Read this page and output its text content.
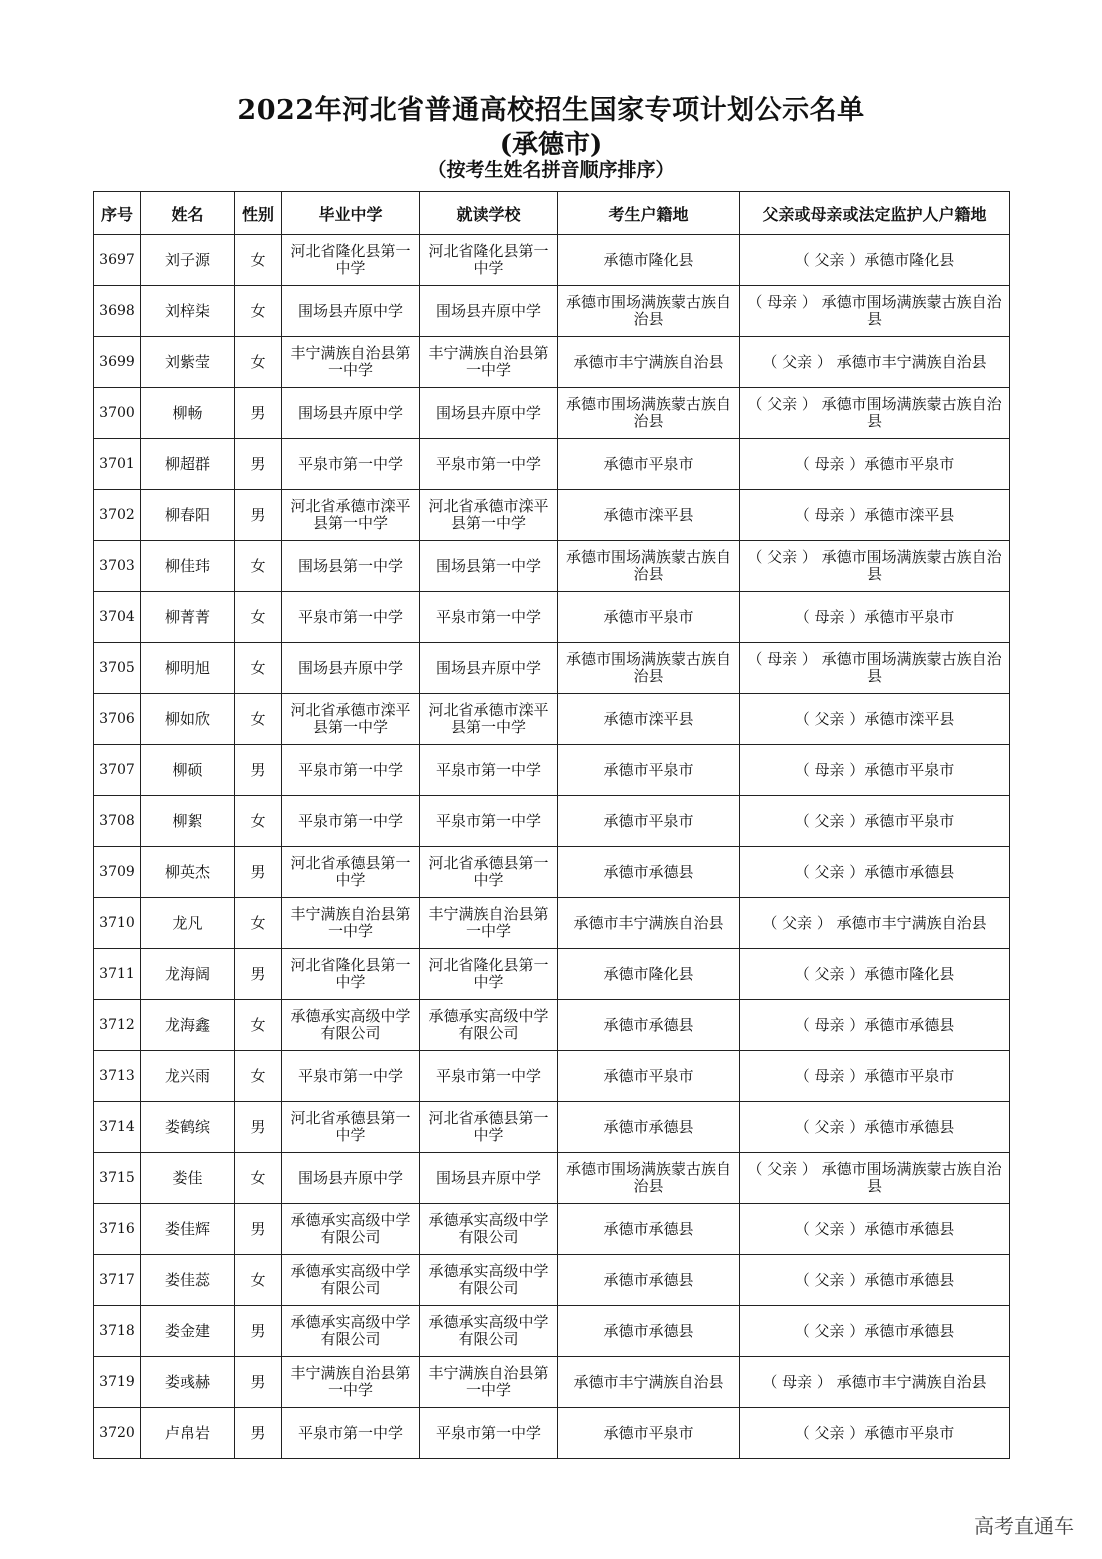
2022年河北省普通高校招生国家专项计划公示名单
(承德市)
（按考生姓名拼音顺序排序）
序号	姓名	性别	毕业中学	就读学校	考生户籍地	父亲或母亲或法定监护人户籍地
3697	刘子源	女	河北省隆化县第一中学	河北省隆化县第一中学	承德市隆化县	（ 父亲 ）承德市隆化县
3698	刘梓柒	女	围场县卉原中学	围场县卉原中学	承德市围场满族蒙古族自治县	（ 母亲 ） 承德市围场满族蒙古族自治县
3699	刘紫莹	女	丰宁满族自治县第一中学	丰宁满族自治县第一中学	承德市丰宁满族自治县	（ 父亲 ） 承德市丰宁满族自治县
3700	柳畅	男	围场县卉原中学	围场县卉原中学	承德市围场满族蒙古族自治县	（ 父亲 ） 承德市围场满族蒙古族自治县
3701	柳超群	男	平泉市第一中学	平泉市第一中学	承德市平泉市	（ 母亲 ）承德市平泉市
3702	柳春阳	男	河北省承德市滦平县第一中学	河北省承德市滦平县第一中学	承德市滦平县	（ 母亲 ）承德市滦平县
3703	柳佳玮	女	围场县第一中学	围场县第一中学	承德市围场满族蒙古族自治县	（ 父亲 ） 承德市围场满族蒙古族自治县
3704	柳菁菁	女	平泉市第一中学	平泉市第一中学	承德市平泉市	（ 母亲 ）承德市平泉市
3705	柳明旭	女	围场县卉原中学	围场县卉原中学	承德市围场满族蒙古族自治县	（ 母亲 ） 承德市围场满族蒙古族自治县
3706	柳如欣	女	河北省承德市滦平县第一中学	河北省承德市滦平县第一中学	承德市滦平县	（ 父亲 ）承德市滦平县
3707	柳硕	男	平泉市第一中学	平泉市第一中学	承德市平泉市	（ 母亲 ）承德市平泉市
3708	柳絮	女	平泉市第一中学	平泉市第一中学	承德市平泉市	（ 父亲 ）承德市平泉市
3709	柳英杰	男	河北省承德县第一中学	河北省承德县第一中学	承德市承德县	（ 父亲 ）承德市承德县
3710	龙凡	女	丰宁满族自治县第一中学	丰宁满族自治县第一中学	承德市丰宁满族自治县	（ 父亲 ） 承德市丰宁满族自治县
3711	龙海阔	男	河北省隆化县第一中学	河北省隆化县第一中学	承德市隆化县	（ 父亲 ）承德市隆化县
3712	龙海鑫	女	承德承实高级中学有限公司	承德承实高级中学有限公司	承德市承德县	（ 母亲 ）承德市承德县
3713	龙兴雨	女	平泉市第一中学	平泉市第一中学	承德市平泉市	（ 母亲 ）承德市平泉市
3714	娄鹤缤	男	河北省承德县第一中学	河北省承德县第一中学	承德市承德县	（ 父亲 ）承德市承德县
3715	娄佳	女	围场县卉原中学	围场县卉原中学	承德市围场满族蒙古族自治县	（ 父亲 ） 承德市围场满族蒙古族自治县
3716	娄佳辉	男	承德承实高级中学有限公司	承德承实高级中学有限公司	承德市承德县	（ 父亲 ）承德市承德县
3717	娄佳蕊	女	承德承实高级中学有限公司	承德承实高级中学有限公司	承德市承德县	（ 父亲 ）承德市承德县
3718	娄金建	男	承德承实高级中学有限公司	承德承实高级中学有限公司	承德市承德县	（ 父亲 ）承德市承德县
3719	娄彧赫	男	丰宁满族自治县第一中学	丰宁满族自治县第一中学	承德市丰宁满族自治县	（ 母亲 ） 承德市丰宁满族自治县
3720	卢帛岩	男	平泉市第一中学	平泉市第一中学	承德市平泉市	（ 父亲 ）承德市平泉市
高考直通车
